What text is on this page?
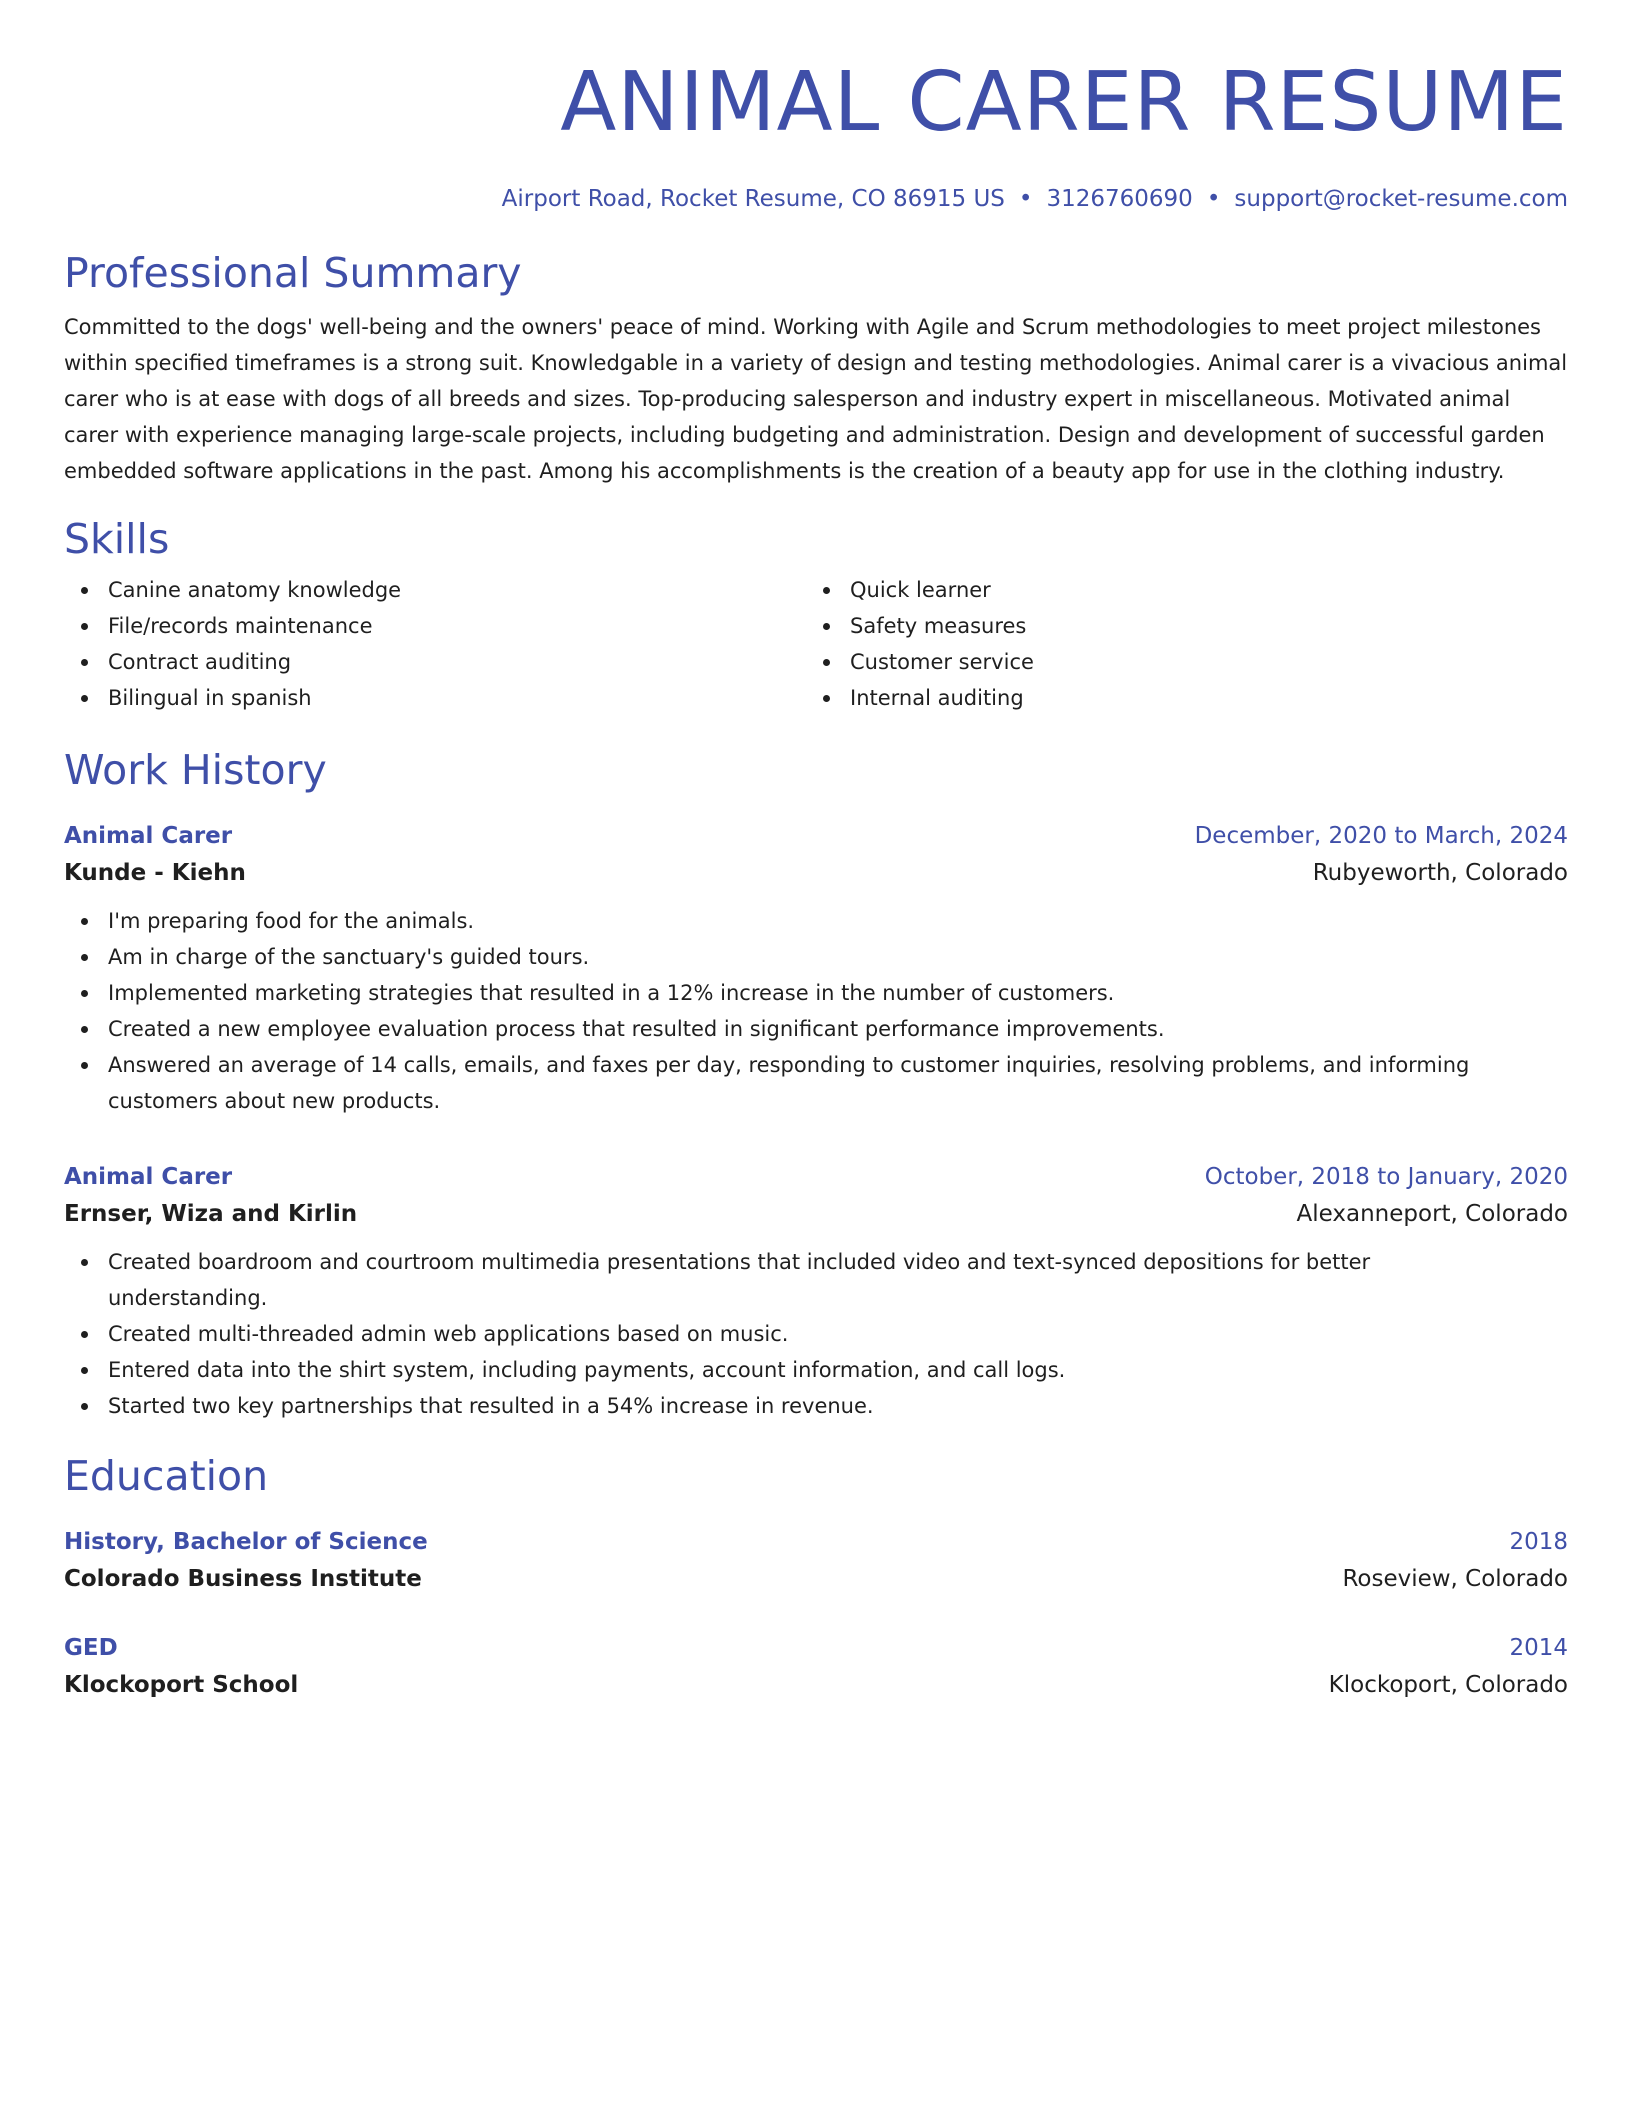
ANIMAL CARER RESUME
Airport Road, Rocket Resume, CO 86915 US • 3126760690 • support@rocket-resume.com
Professional Summary

Committed to the dogs' well-being and the owners' peace of mind. Working with Agile and Scrum methodologies to meet project milestones within specified timeframes is a strong suit. Knowledgable in a variety of design and testing methodologies. Animal carer is a vivacious animal carer who is at ease with dogs of all breeds and sizes. Top-producing salesperson and industry expert in miscellaneous. Motivated animal carer with experience managing large-scale projects, including budgeting and administration. Design and development of successful garden embedded software applications in the past. Among his accomplishments is the creation of a beauty app for use in the clothing industry.

Skills
Canine anatomy knowledge
File/records maintenance
Contract auditing
Bilingual in spanish
Quick learner
Safety measures
Customer service
Internal auditing
Work History
Animal Carer	December, 2020 to March, 2024
Kunde - Kiehn	Rubyeworth, Colorado
I'm preparing food for the animals.
Am in charge of the sanctuary's guided tours.
Implemented marketing strategies that resulted in a 12% increase in the number of customers.
Created a new employee evaluation process that resulted in significant performance improvements.
Answered an average of 14 calls, emails, and faxes per day, responding to customer inquiries, resolving problems, and informing customers about new products.
Animal Carer	October, 2018 to January, 2020
Ernser, Wiza and Kirlin	Alexanneport, Colorado
Created boardroom and courtroom multimedia presentations that included video and text-synced depositions for better understanding.
Created multi-threaded admin web applications based on music.
Entered data into the shirt system, including payments, account information, and call logs.
Started two key partnerships that resulted in a 54% increase in revenue.
Education
History, Bachelor of Science	2018
Colorado Business Institute	Roseview, Colorado
GED	2014
Klockoport School	Klockoport, Colorado
